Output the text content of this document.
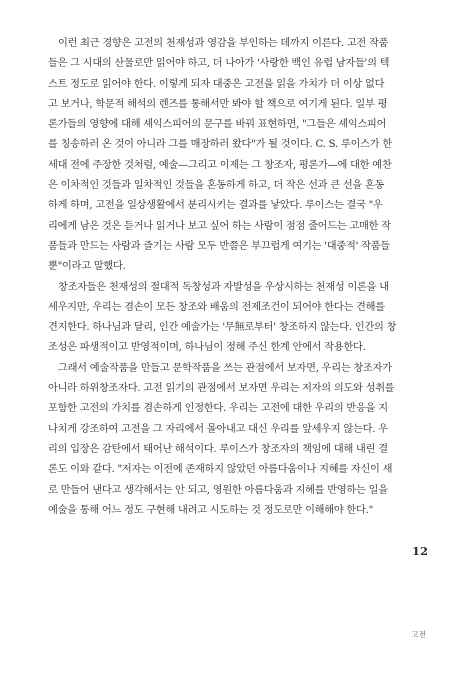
이런 최근 경향은 고전의 천재성과 영감을 부인하는 데까지 이른다. 고전 작품
들은 그 시대의 산물로만 읽어야 하고, 더 나아가 '사랑한 백인 유럽 남자들'의 텍
스트 정도로 읽어야 한다. 이렇게 되자 대중은 고전을 읽을 가치가 더 이상 없다
고 보거나, 학문적 해석의 렌즈를 통해서만 봐야 할 책으로 여기게 된다. 일부 평
론가들의 영향에 대해 셰익스피어의 문구를 바꿔 표현하면, "그들은 셰익스피어
를 칭송하러 온 것이 아니라 그를 매장하러 왔다"가 될 것이다. C. S. 루이스가 한
세대 전에 주장한 것처럼, 예술—그리고 이제는 그 창조자, 평론가—에 대한 예찬
은 이차적인 것들과 일차적인 것들을 혼동하게 하고, 더 작은 선과 큰 선을 혼동
하게 하며, 고전을 일상생활에서 분리시키는 결과를 낳았다. 루이스는 결국 "우
리에게 남은 것은 듣거나 읽거나 보고 싶어 하는 사람이 점점 줄어드는 고매한 작
품들과 만드는 사람과 즐기는 사람 모두 반쯤은 부끄럽게 여기는 '대중적' 작품들
뿐"이라고 말했다.
창조자들은 천재성의 절대적 독창성과 자발성을 우상시하는 천재성 이론을 내
세우지만, 우리는 겸손이 모든 창조와 배움의 전제조건이 되어야 한다는 견해를
견지한다. 하나님과 달리, 인간 예술가는 '무無로부터' 창조하지 않는다. 인간의 창
조성은 파생적이고 반영적이며, 하나님이 정해 주신 한계 안에서 작용한다.
그래서 예술작품을 만들고 문학작품을 쓰는 관점에서 보자면, 우리는 창조자가
아니라 하위창조자다. 고전 읽기의 관점에서 보자면 우리는 저자의 의도와 성취를
포함한 고전의 가치를 겸손하게 인정한다. 우리는 고전에 대한 우리의 반응을 지
나치게 강조하여 고전을 그 자리에서 몰아내고 대신 우리를 앞세우지 않는다. 우
리의 입장은 감탄에서 태어난 해석이다. 루이스가 창조자의 책임에 대해 내린 결
론도 이와 같다. "저자는 이전에 존재하지 않았던 아름다움이나 지혜를 자신이 새
로 만들어 낸다고 생각해서는 안 되고, 영원한 아름다움과 지혜를 반영하는 일을
예술을 통해 어느 정도 구현해 내려고 시도하는 것 정도로만 이해해야 한다."
12
고전
